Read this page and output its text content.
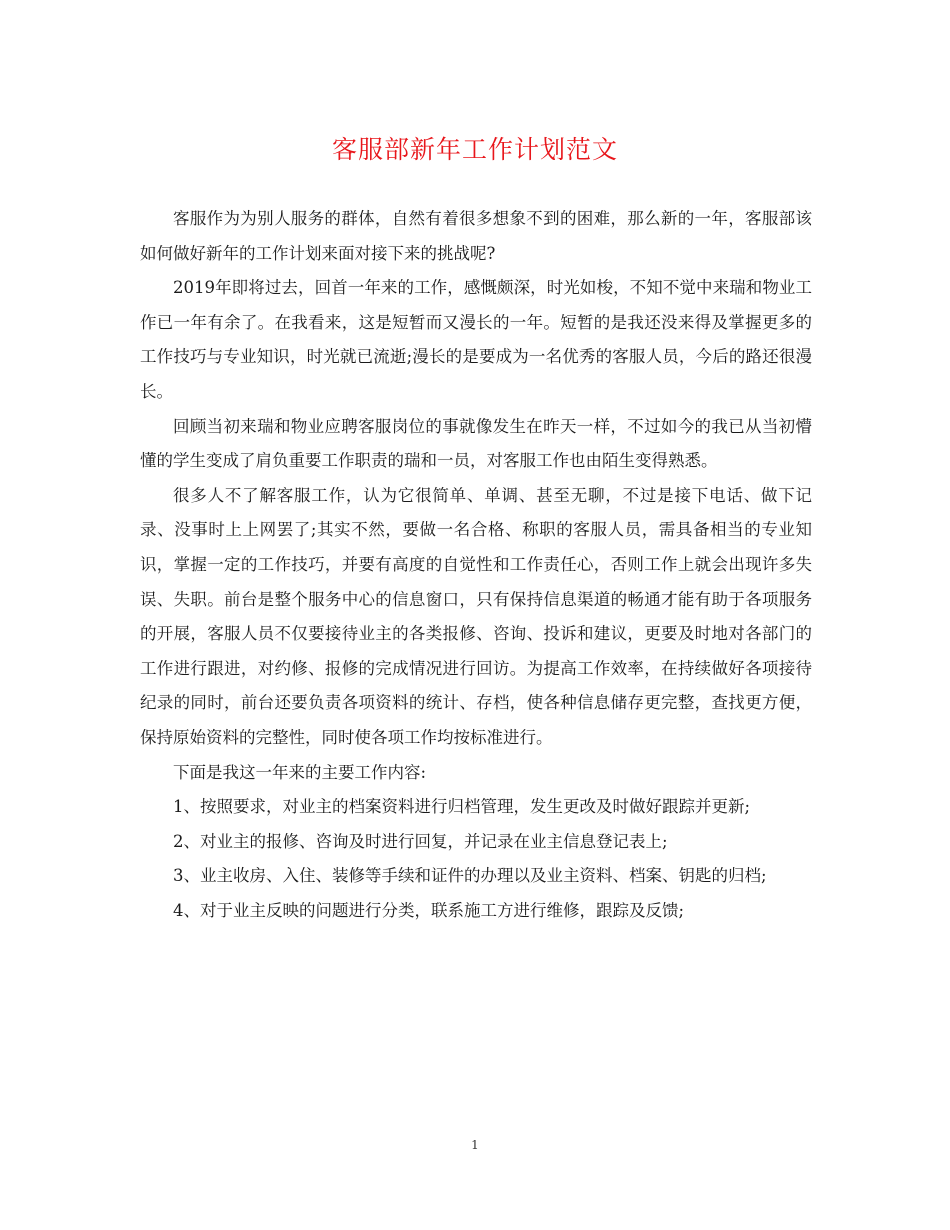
客服部新年工作计划范文

客服作为为别人服务的群体，自然有着很多想象不到的困难，那么新的一年，客服部该如何做好新年的工作计划来面对接下来的挑战呢?

2019年即将过去，回首一年来的工作，感慨颇深，时光如梭，不知不觉中来瑞和物业工作已一年有余了。在我看来，这是短暂而又漫长的一年。短暂的是我还没来得及掌握更多的工作技巧与专业知识，时光就已流逝;漫长的是要成为一名优秀的客服人员，今后的路还很漫长。

回顾当初来瑞和物业应聘客服岗位的事就像发生在昨天一样，不过如今的我已从当初懵懂的学生变成了肩负重要工作职责的瑞和一员，对客服工作也由陌生变得熟悉。

很多人不了解客服工作，认为它很简单、单调、甚至无聊，不过是接下电话、做下记录、没事时上上网罢了;其实不然，要做一名合格、称职的客服人员，需具备相当的专业知识，掌握一定的工作技巧，并要有高度的自觉性和工作责任心，否则工作上就会出现许多失误、失职。前台是整个服务中心的信息窗口，只有保持信息渠道的畅通才能有助于各项服务的开展，客服人员不仅要接待业主的各类报修、咨询、投诉和建议，更要及时地对各部门的工作进行跟进，对约修、报修的完成情况进行回访。为提高工作效率，在持续做好各项接待纪录的同时，前台还要负责各项资料的统计、存档，使各种信息储存更完整，查找更方便，保持原始资料的完整性，同时使各项工作均按标准进行。

下面是我这一年来的主要工作内容:

1、按照要求，对业主的档案资料进行归档管理，发生更改及时做好跟踪并更新;

2、对业主的报修、咨询及时进行回复，并记录在业主信息登记表上;

3、业主收房、入住、装修等手续和证件的办理以及业主资料、档案、钥匙的归档;

4、对于业主反映的问题进行分类，联系施工方进行维修，跟踪及反馈;

1
